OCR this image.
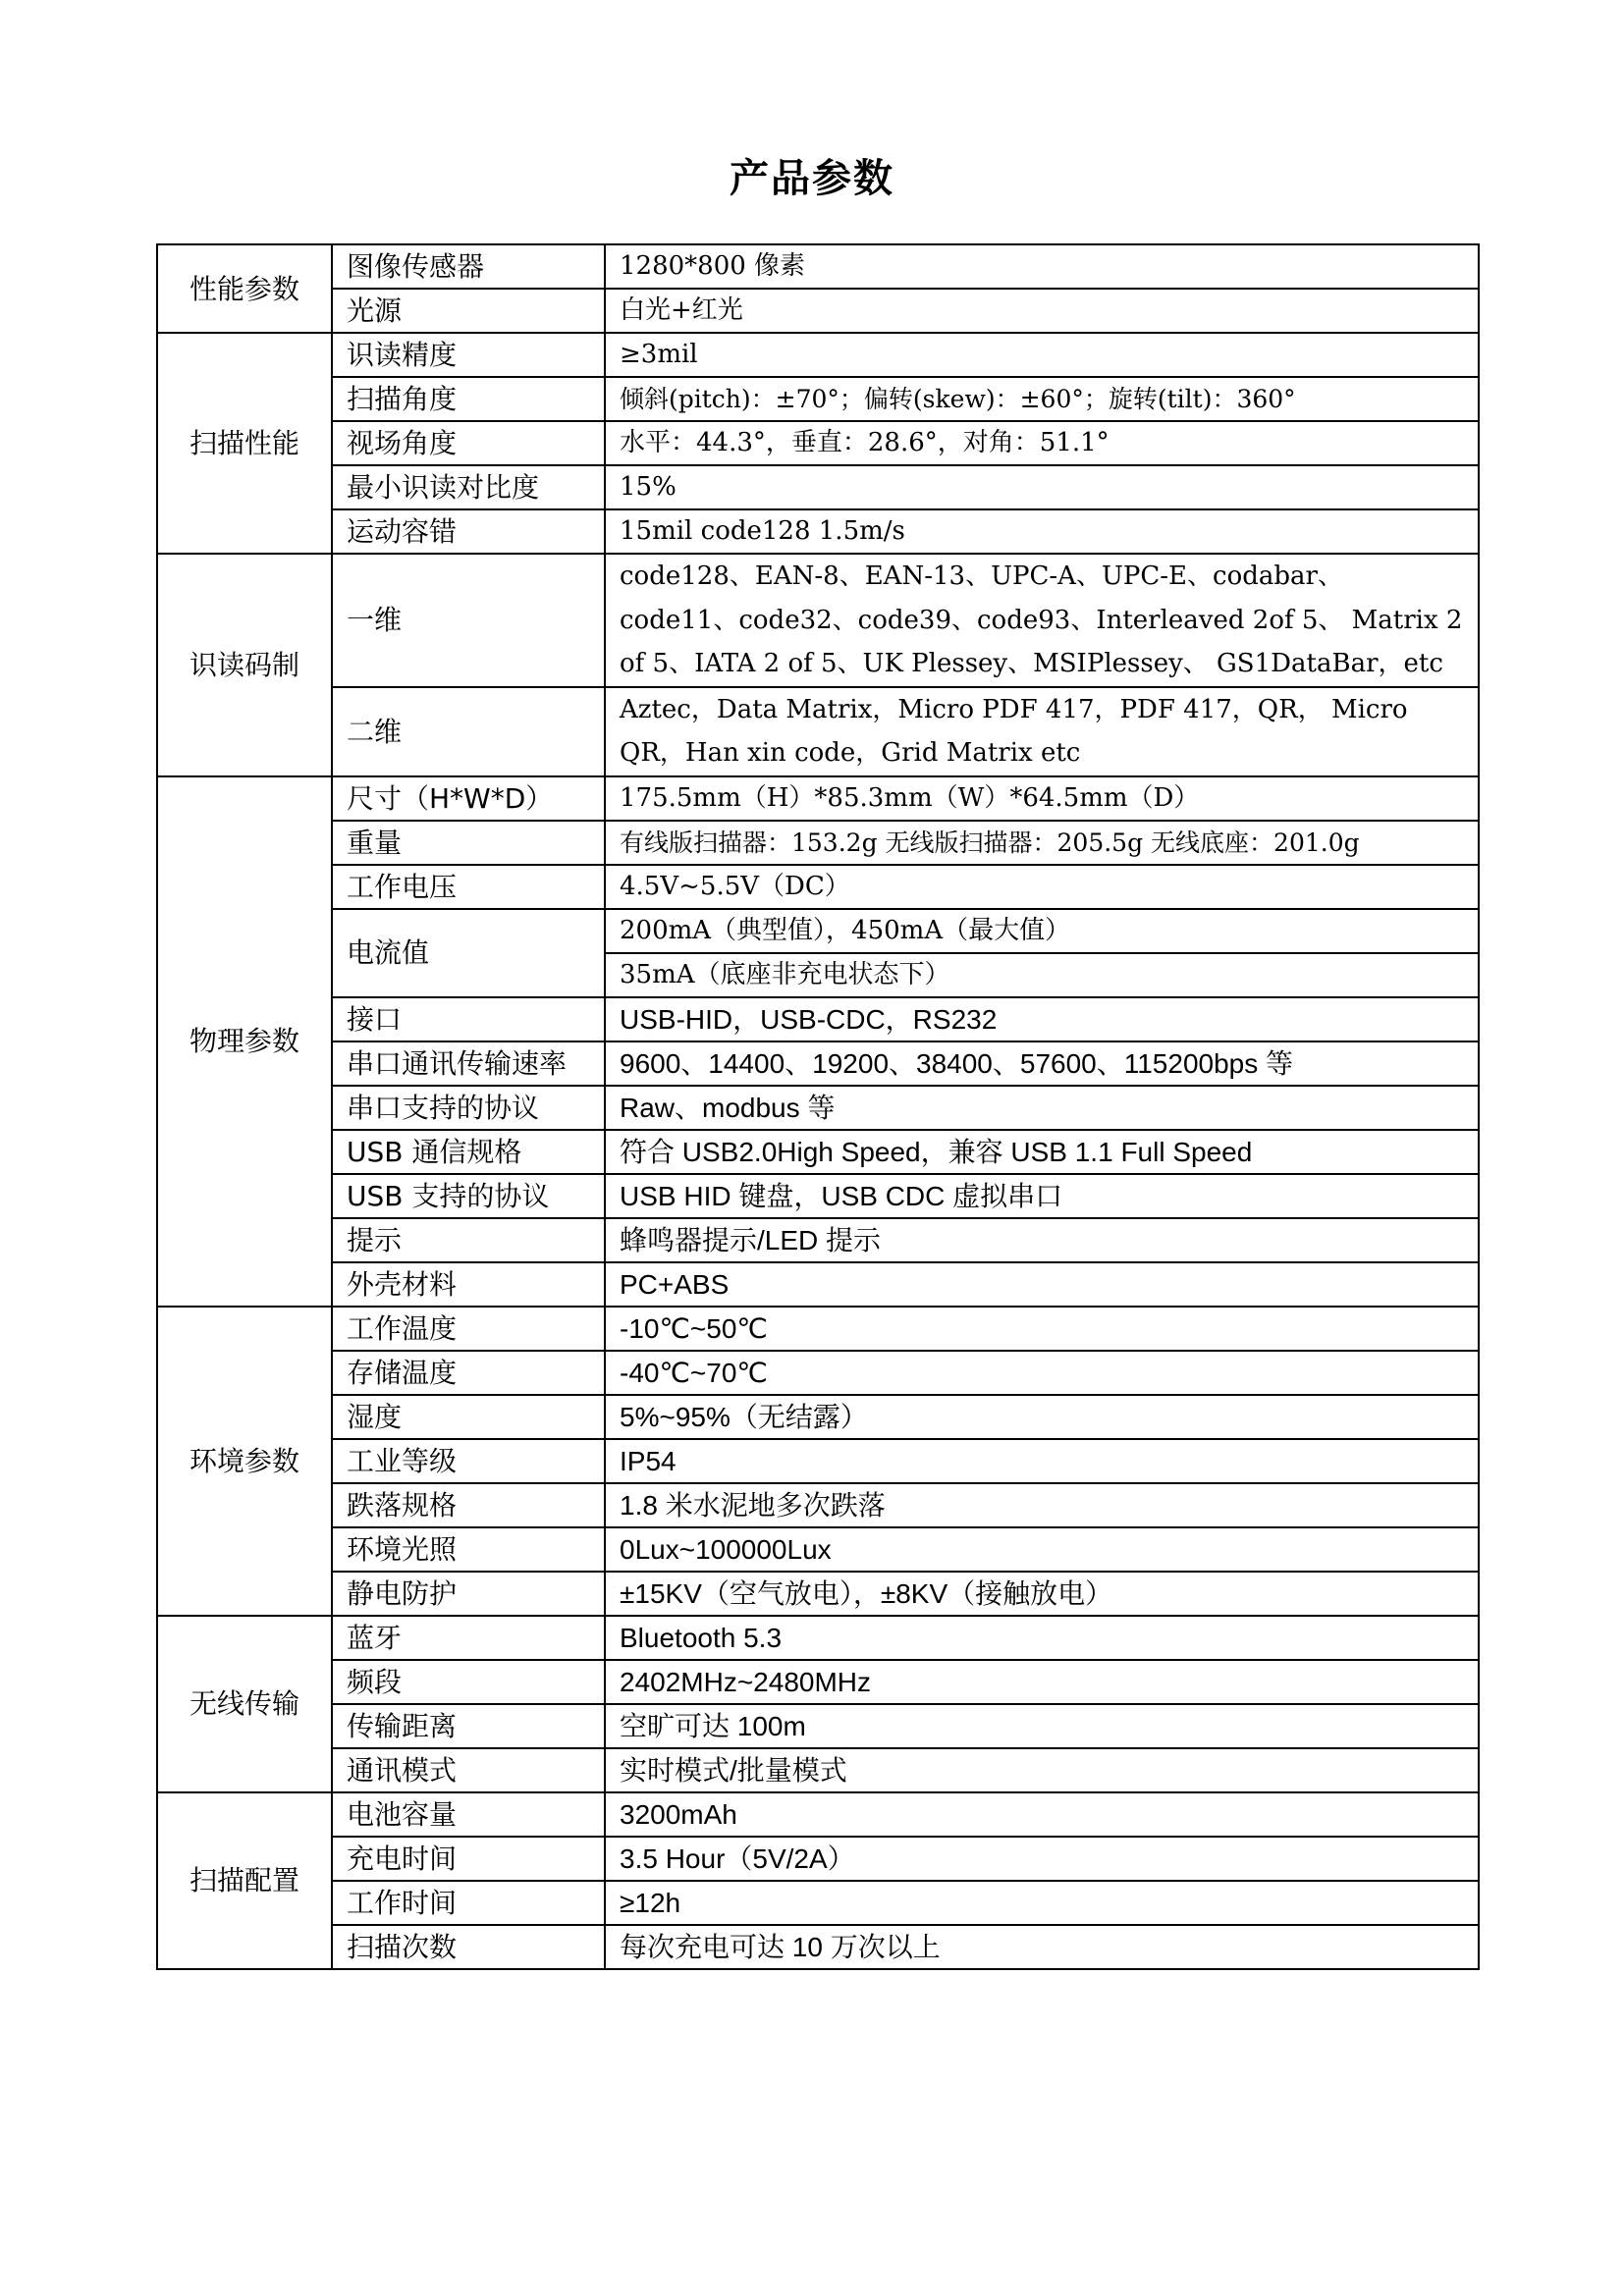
产品参数
性能参数	图像传感器	1280*800 像素
	光源	白光+红光
扫描性能	识读精度	≥3mil
	扫描角度	倾斜(pitch)：±70°；偏转(skew)：±60°；旋转(tilt)：360°
	视场角度	水平：44.3°，垂直：28.6°，对角：51.1°
	最小识读对比度	15%
	运动容错	15mil code128 1.5m/s
识读码制	一维	code128、EAN-8、EAN-13、UPC-A、UPC-E、codabar、 code11、code32、code39、code93、Interleaved 2of 5、 Matrix 2 of 5、IATA 2 of 5、UK Plessey、MSIPlessey、 GS1DataBar，etc
	二维	Aztec，Data Matrix，Micro PDF 417，PDF 417，QR， Micro QR，Han xin code，Grid Matrix etc
物理参数	尺寸（H*W*D）	175.5mm（H）*85.3mm（W）*64.5mm（D）
	重量	有线版扫描器：153.2g 无线版扫描器：205.5g 无线底座：201.0g
	工作电压	4.5V~5.5V（DC）
	电流值	200mA（典型值），450mA（最大值）
		35mA（底座非充电状态下）
	接口	USB-HID，USB-CDC，RS232
	串口通讯传输速率	9600、14400、19200、38400、57600、115200bps 等
	串口支持的协议	Raw、modbus 等
	USB 通信规格	符合 USB2.0High Speed，兼容 USB 1.1 Full Speed
	USB 支持的协议	USB HID 键盘，USB CDC 虚拟串口
	提示	蜂鸣器提示/LED 提示
	外壳材料	PC+ABS
环境参数	工作温度	-10℃~50℃
	存储温度	-40℃~70℃
	湿度	5%~95%（无结露）
	工业等级	IP54
	跌落规格	1.8 米水泥地多次跌落
	环境光照	0Lux~100000Lux
	静电防护	±15KV（空气放电），±8KV（接触放电）
无线传输	蓝牙	Bluetooth 5.3
	频段	2402MHz~2480MHz
	传输距离	空旷可达 100m
	通讯模式	实时模式/批量模式
扫描配置	电池容量	3200mAh
	充电时间	3.5 Hour（5V/2A）
	工作时间	≥12h
	扫描次数	每次充电可达 10 万次以上
